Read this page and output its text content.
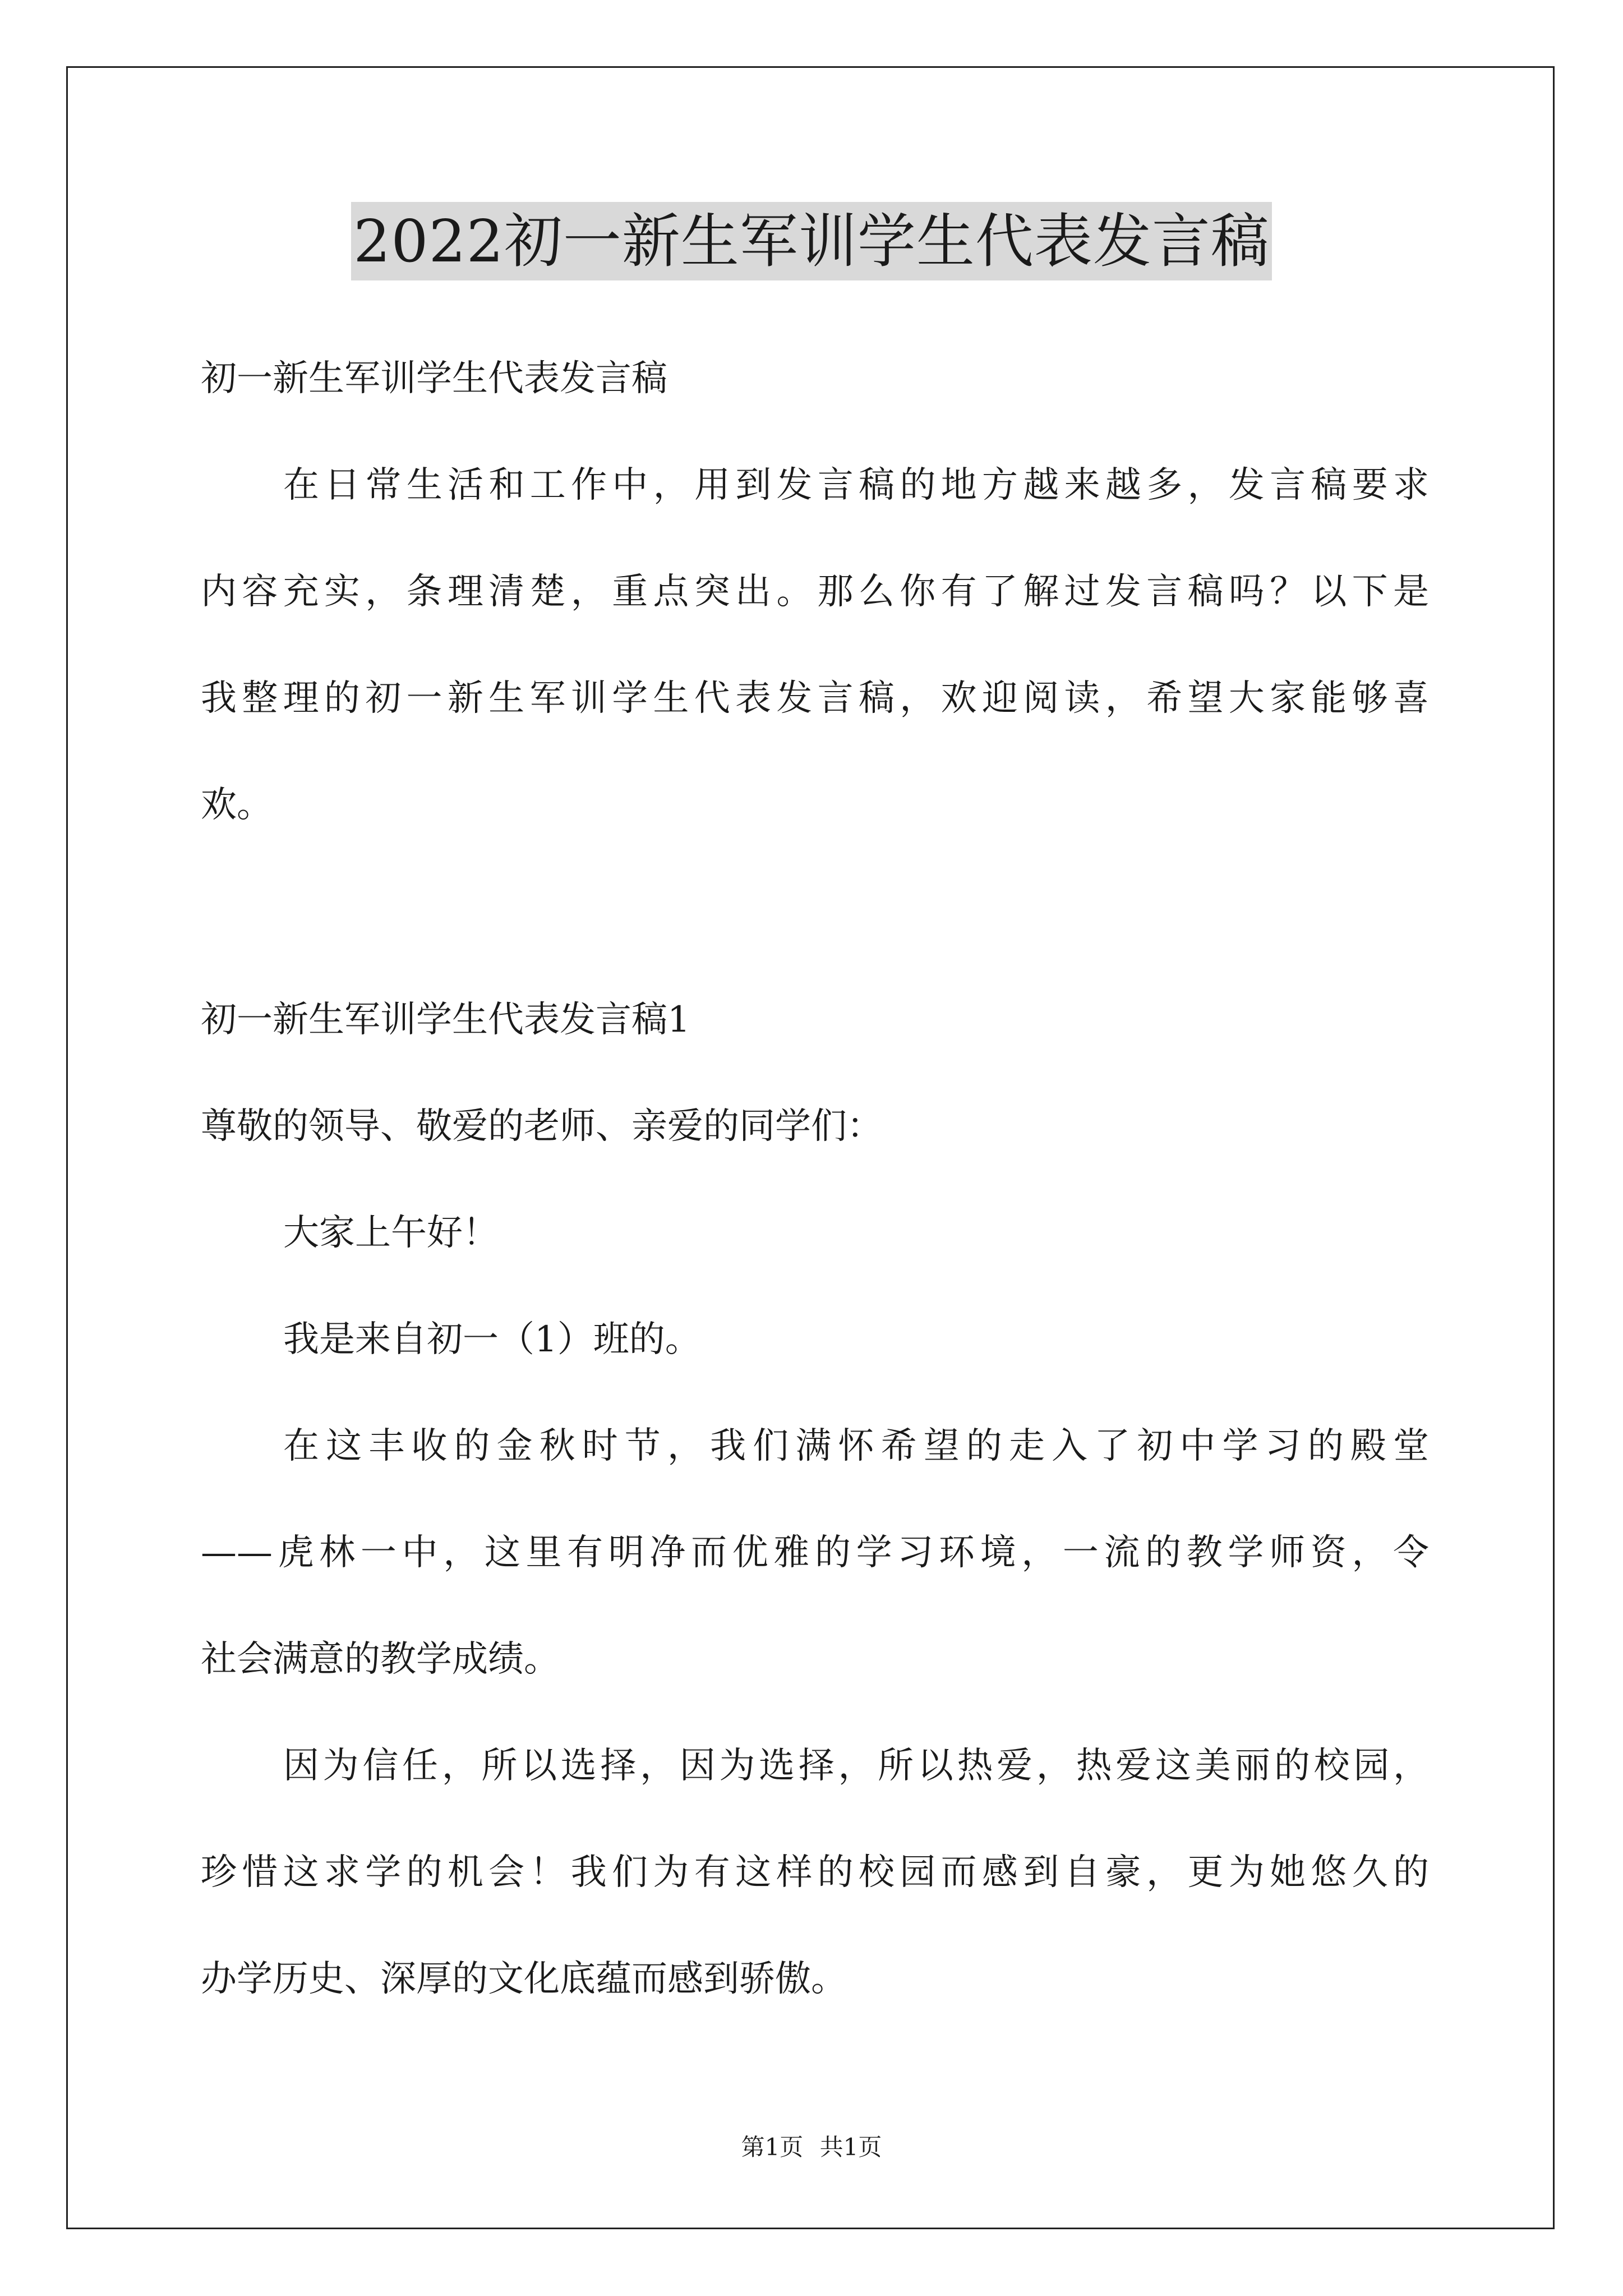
2022初一新生军训学生代表发言稿
初一新生军训学生代表发言稿
在日常生活和工作中，用到发言稿的地方越来越多，发言稿要求
内容充实，条理清楚，重点突出。那么你有了解过发言稿吗？以下是
我整理的初一新生军训学生代表发言稿，欢迎阅读，希望大家能够喜
欢。
初一新生军训学生代表发言稿1
尊敬的领导、敬爱的老师、亲爱的同学们：
大家上午好！
我是来自初一（1）班的。
在这丰收的金秋时节，我们满怀希望的走入了初中学习的殿堂
——虎林一中，这里有明净而优雅的学习环境，一流的教学师资，令
社会满意的教学成绩。
因为信任，所以选择，因为选择，所以热爱，热爱这美丽的校园，
珍惜这求学的机会！我们为有这样的校园而感到自豪，更为她悠久的
办学历史、深厚的文化底蕴而感到骄傲。
第1页 共1页
